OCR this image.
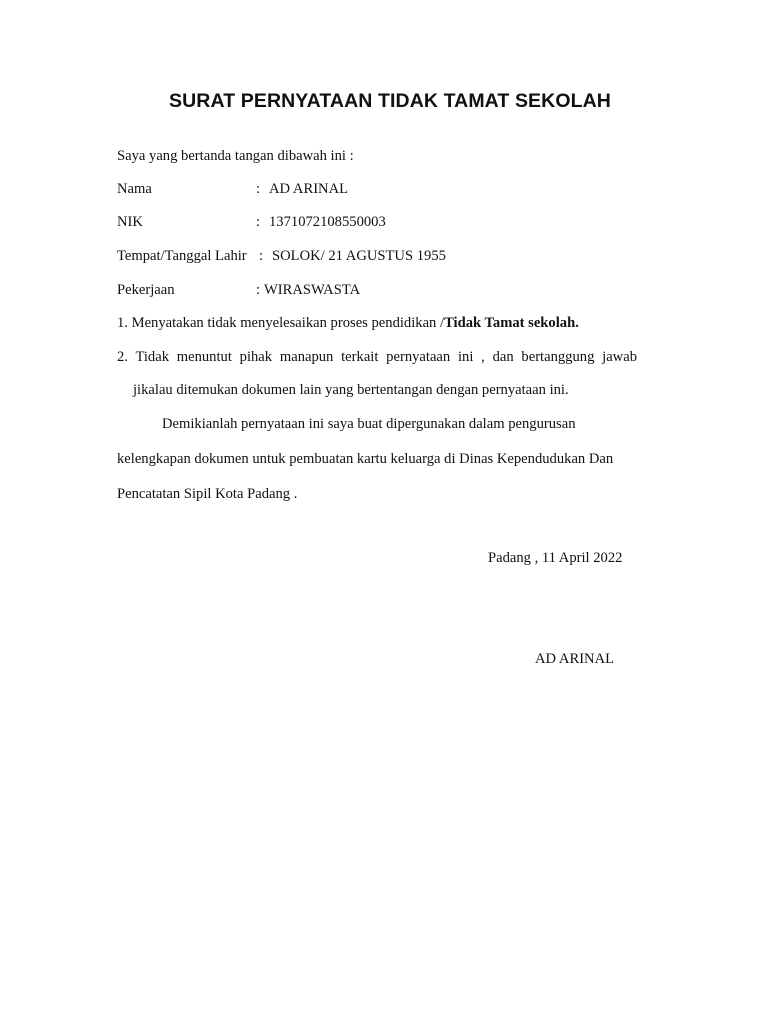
SURAT PERNYATAAN TIDAK TAMAT SEKOLAH
Saya yang bertanda tangan dibawah ini :
Nama	: AD ARINAL
NIK	: 1371072108550003
Tempat/Tanggal Lahir : SOLOK/ 21 AGUSTUS 1955
Pekerjaan	: WIRASWASTA
1. Menyatakan tidak menyelesaikan proses pendidikan /Tidak Tamat sekolah.
2. Tidak menuntut pihak manapun terkait pernyataan ini , dan bertanggung jawab
jikalau ditemukan dokumen lain yang bertentangan dengan pernyataan ini.
Demikianlah pernyataan ini saya buat dipergunakan dalam pengurusan
kelengkapan dokumen untuk pembuatan kartu keluarga di Dinas Kependudukan Dan
Pencatatan Sipil Kota Padang .
Padang , 11 April 2022
AD ARINAL
